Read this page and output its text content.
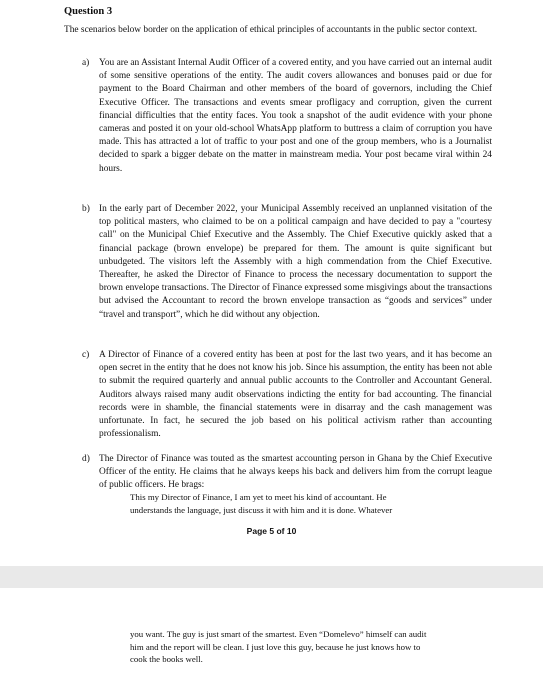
Question 3
The scenarios below border on the application of ethical principles of accountants in the public sector context.
a) You are an Assistant Internal Audit Officer of a covered entity, and you have carried out an internal audit of some sensitive operations of the entity. The audit covers allowances and bonuses paid or due for payment to the Board Chairman and other members of the board of governors, including the Chief Executive Officer. The transactions and events smear profligacy and corruption, given the current financial difficulties that the entity faces. You took a snapshot of the audit evidence with your phone cameras and posted it on your old-school WhatsApp platform to buttress a claim of corruption you have made. This has attracted a lot of traffic to your post and one of the group members, who is a Journalist decided to spark a bigger debate on the matter in mainstream media. Your post became viral within 24 hours.
b) In the early part of December 2022, your Municipal Assembly received an unplanned visitation of the top political masters, who claimed to be on a political campaign and have decided to pay a "courtesy call" on the Municipal Chief Executive and the Assembly. The Chief Executive quickly asked that a financial package (brown envelope) be prepared for them. The amount is quite significant but unbudgeted. The visitors left the Assembly with a high commendation from the Chief Executive. Thereafter, he asked the Director of Finance to process the necessary documentation to support the brown envelope transactions. The Director of Finance expressed some misgivings about the transactions but advised the Accountant to record the brown envelope transaction as “goods and services” under “travel and transport”, which he did without any objection.
c) A Director of Finance of a covered entity has been at post for the last two years, and it has become an open secret in the entity that he does not know his job. Since his assumption, the entity has been not able to submit the required quarterly and annual public accounts to the Controller and Accountant General. Auditors always raised many audit observations indicting the entity for bad accounting. The financial records were in shamble, the financial statements were in disarray and the cash management was unfortunate. In fact, he secured the job based on his political activism rather than accounting professionalism.
d) The Director of Finance was touted as the smartest accounting person in Ghana by the Chief Executive Officer of the entity. He claims that he always keeps his back and delivers him from the corrupt league of public officers. He brags:
This my Director of Finance, I am yet to meet his kind of accountant. He understands the language, just discuss it with him and it is done. Whatever
Page 5 of 10
you want. The guy is just smart of the smartest. Even “Domelevo” himself can audit him and the report will be clean. I just love this guy, because he just knows how to cook the books well.
